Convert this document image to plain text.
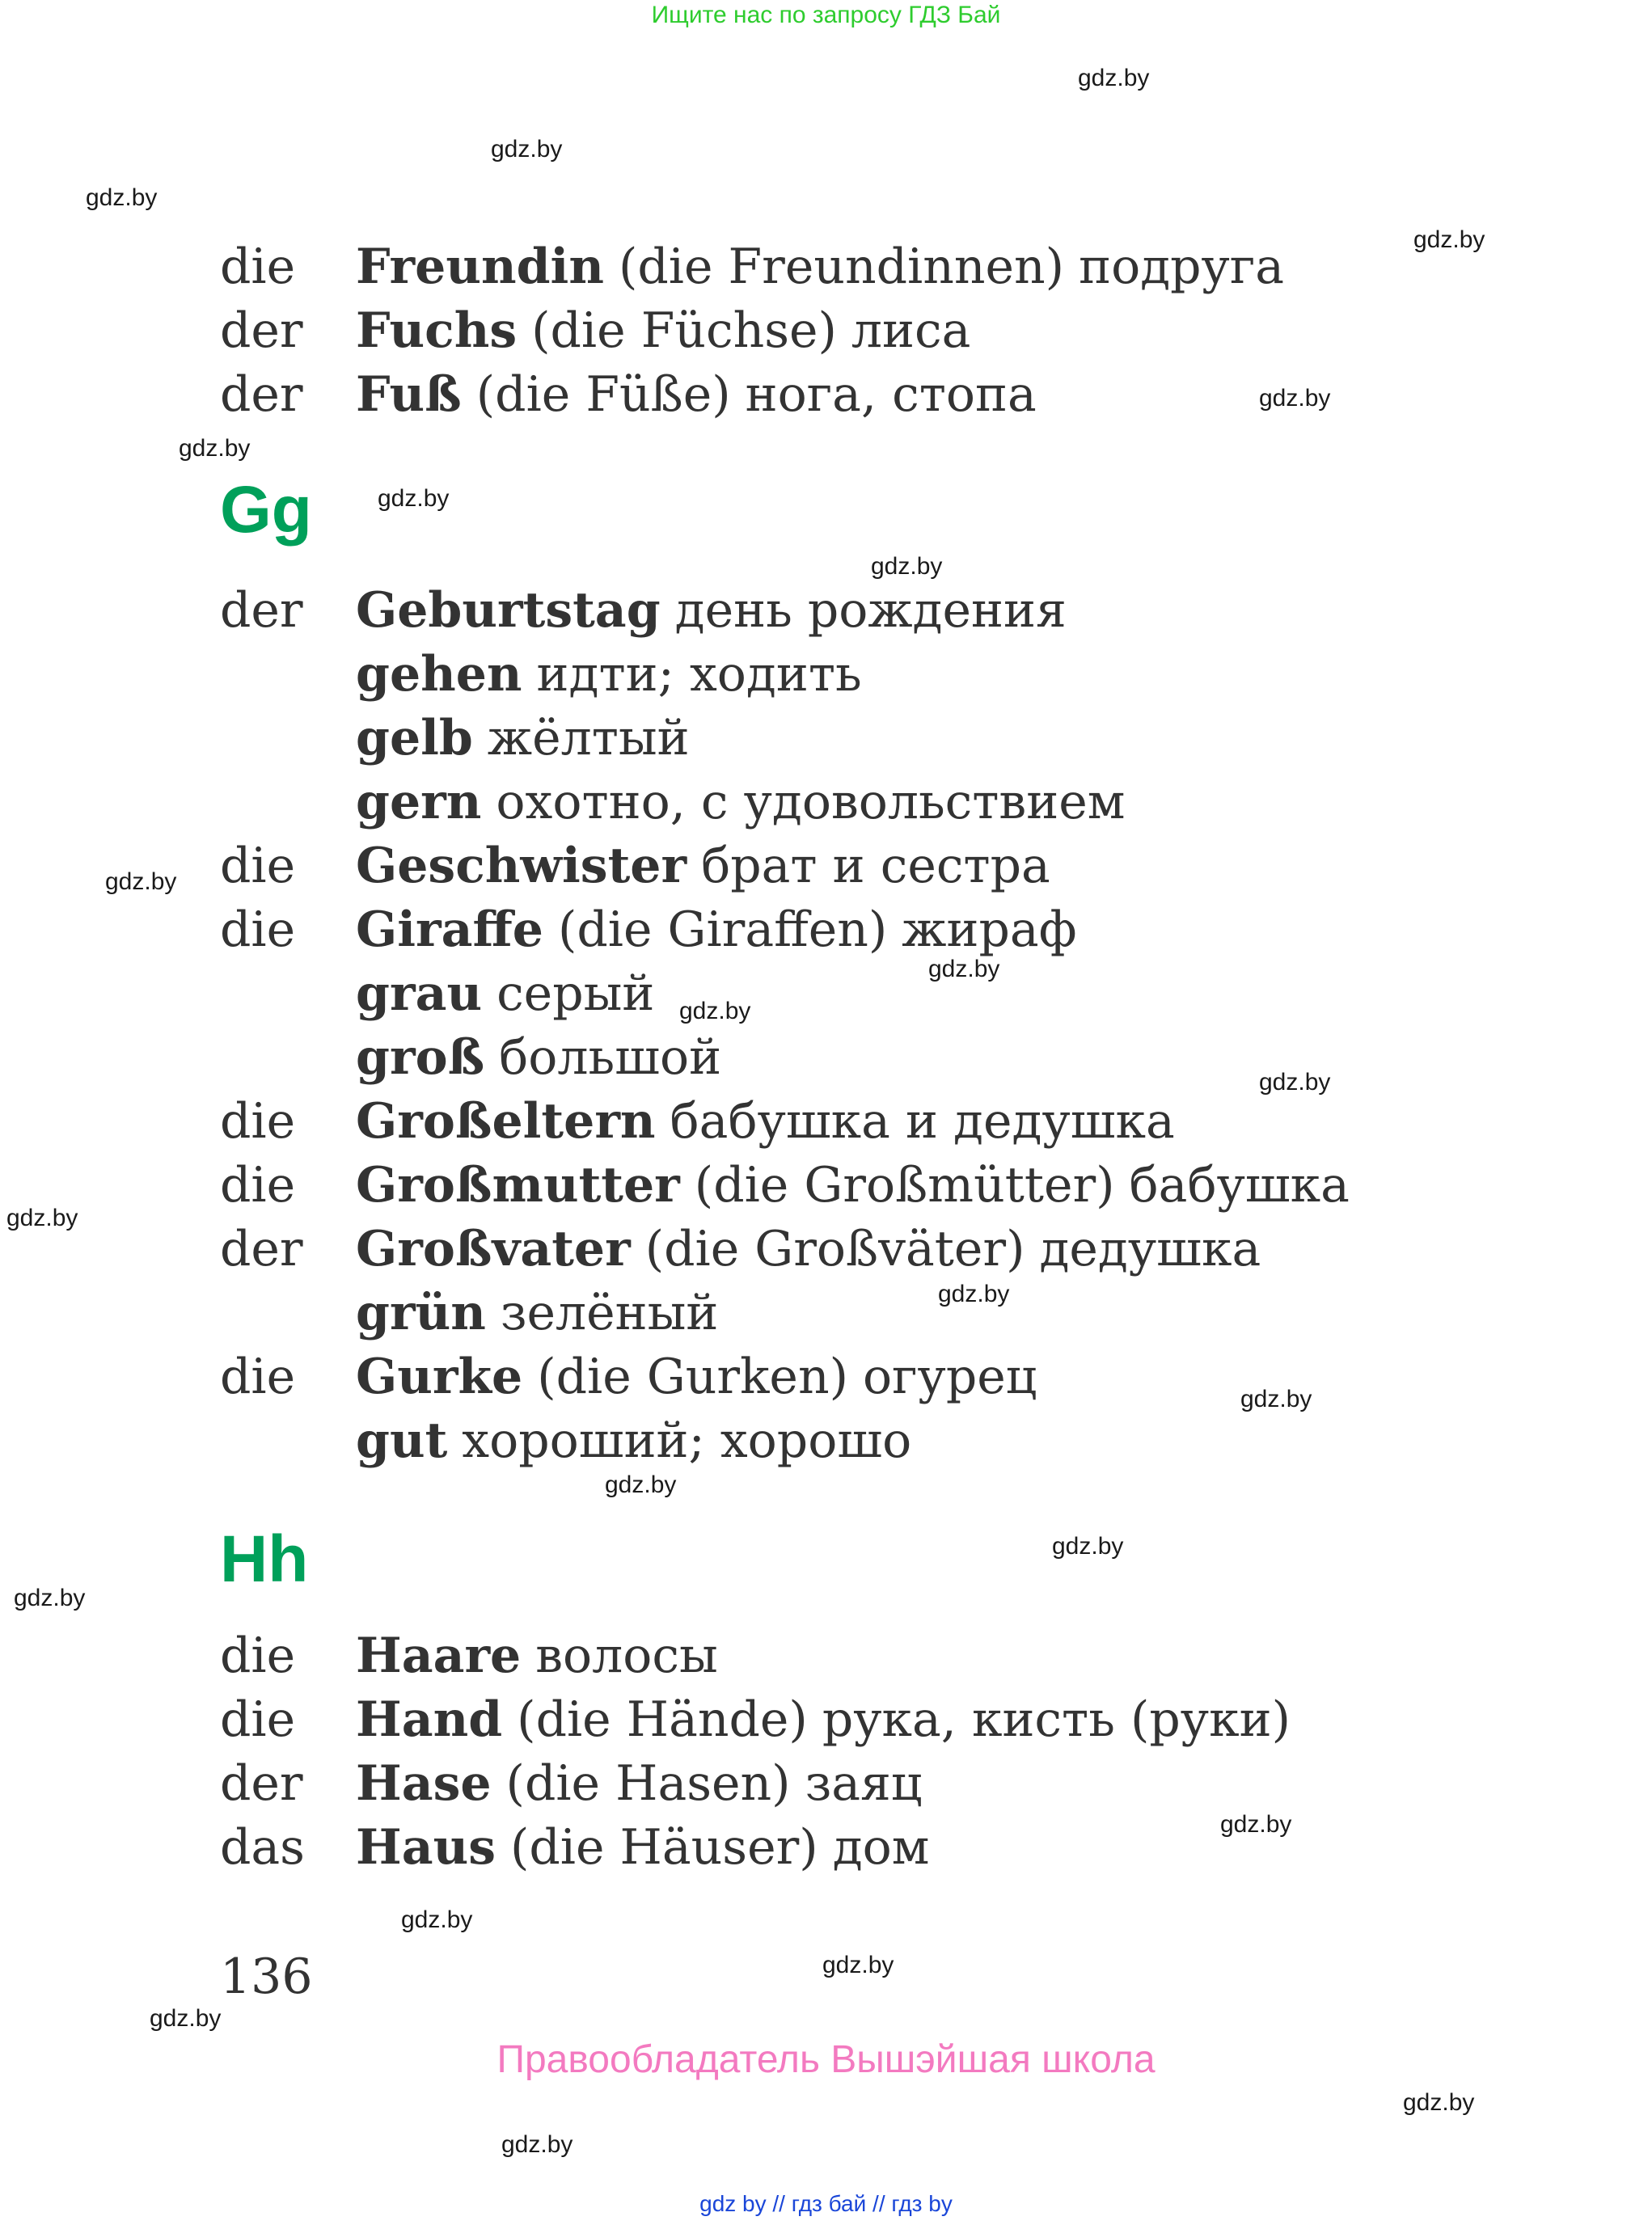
Ищите нас по запросу ГДЗ Бай
gdz.by
gdz.by
gdz.by
gdz.by
gdz.by
gdz.by
gdz.by
gdz.by
gdz.by
gdz.by
gdz.by
gdz.by
gdz.by
gdz.by
gdz.by
gdz.by
gdz.by
gdz.by
gdz.by
gdz.by
gdz.by
gdz.by
gdz.by
gdz.by
die	Freundin (die Freundinnen) подруга
der	Fuchs (die Füchse) лиса
der	Fuß (die Füße) нога, стопа
Gg
der	Geburtstag день рождения
gehen идти; ходить
gelb жёлтый
gern охотно, с удовольствием
die	Geschwister брат и сестра
die	Giraffe (die Giraffen) жираф
grau серый
groß большой
die	Großeltern бабушка и дедушка
die	Großmutter (die Großmütter) бабушка
der	Großvater (die Großväter) дедушка
grün зелёный
die	Gurke (die Gurken) огурец
gut хороший; хорошо
Hh
die	Haare волосы
die	Hand (die Hände) рука, кисть (руки)
der	Hase (die Hasen) заяц
das	Haus (die Häuser) дом
136
Правообладатель Вышэйшая школа
gdz by // гдз бай // гдз by
